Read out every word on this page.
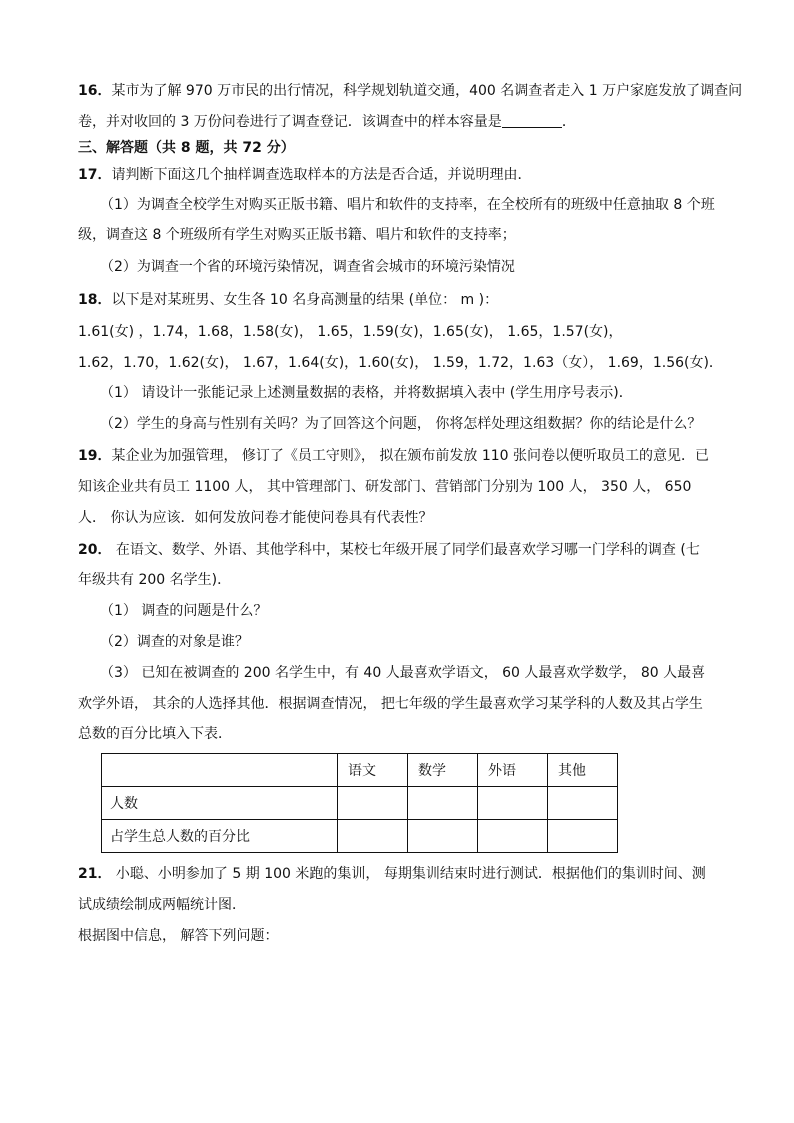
16．某市为了解 970 万市民的出行情况，科学规划轨道交通，400 名调查者走入 1 万户家庭发放了调查问
卷，并对收回的 3 万份问卷进行了调查登记．该调查中的样本容量是	．
三、解答题（共 8 题，共 72 分）
17．请判断下面这几个抽样调查选取样本的方法是否合适，并说明理由．
（1）为调查全校学生对购买正版书籍、唱片和软件的支持率，在全校所有的班级中任意抽取 8 个班
级，调查这 8 个班级所有学生对购买正版书籍、唱片和软件的支持率；
（2）为调查一个省的环境污染情况，调查省会城市的环境污染情况
18．以下是对某班男、女生各 10 名身高测量的结果 (单位： m )：
1.61(女) ，1.74，1.68，1.58(女)， 1.65，1.59(女)，1.65(女)， 1.65，1.57(女)，
1.62，1.70，1.62(女)， 1.67，1.64(女)，1.60(女)， 1.59，1.72，1.63（女）， 1.69，1.56(女)．
（1） 请设计一张能记录上述测量数据的表格，并将数据填入表中 (学生用序号表示)．
（2）学生的身高与性别有关吗？为了回答这个问题， 你将怎样处理这组数据？你的结论是什么？
19．某企业为加强管理， 修订了《员工守则》， 拟在颁布前发放 110 张问卷以便听取员工的意见．已
知该企业共有员工 1100 人， 其中管理部门、研发部门、营销部门分别为 100 人， 350 人， 650
人． 你认为应该．如何发放问卷才能使问卷具有代表性？
20． 在语文、数学、外语、其他学科中，某校七年级开展了同学们最喜欢学习哪一门学科的调查 (七
年级共有 200 名学生)．
（1） 调查的问题是什么？
（2）调查的对象是谁？
（3） 已知在被调查的 200 名学生中，有 40 人最喜欢学语文， 60 人最喜欢学数学， 80 人最喜
欢学外语， 其余的人选择其他．根据调查情况， 把七年级的学生最喜欢学习某学科的人数及其占学生
总数的百分比填入下表．
	语文	数学	外语	其他
人数				
占学生总人数的百分比				
21． 小聪、小明参加了 5 期 100 米跑的集训， 每期集训结束时进行测试．根据他们的集训时间、测
试成绩绘制成两幅统计图．
根据图中信息， 解答下列问题：
